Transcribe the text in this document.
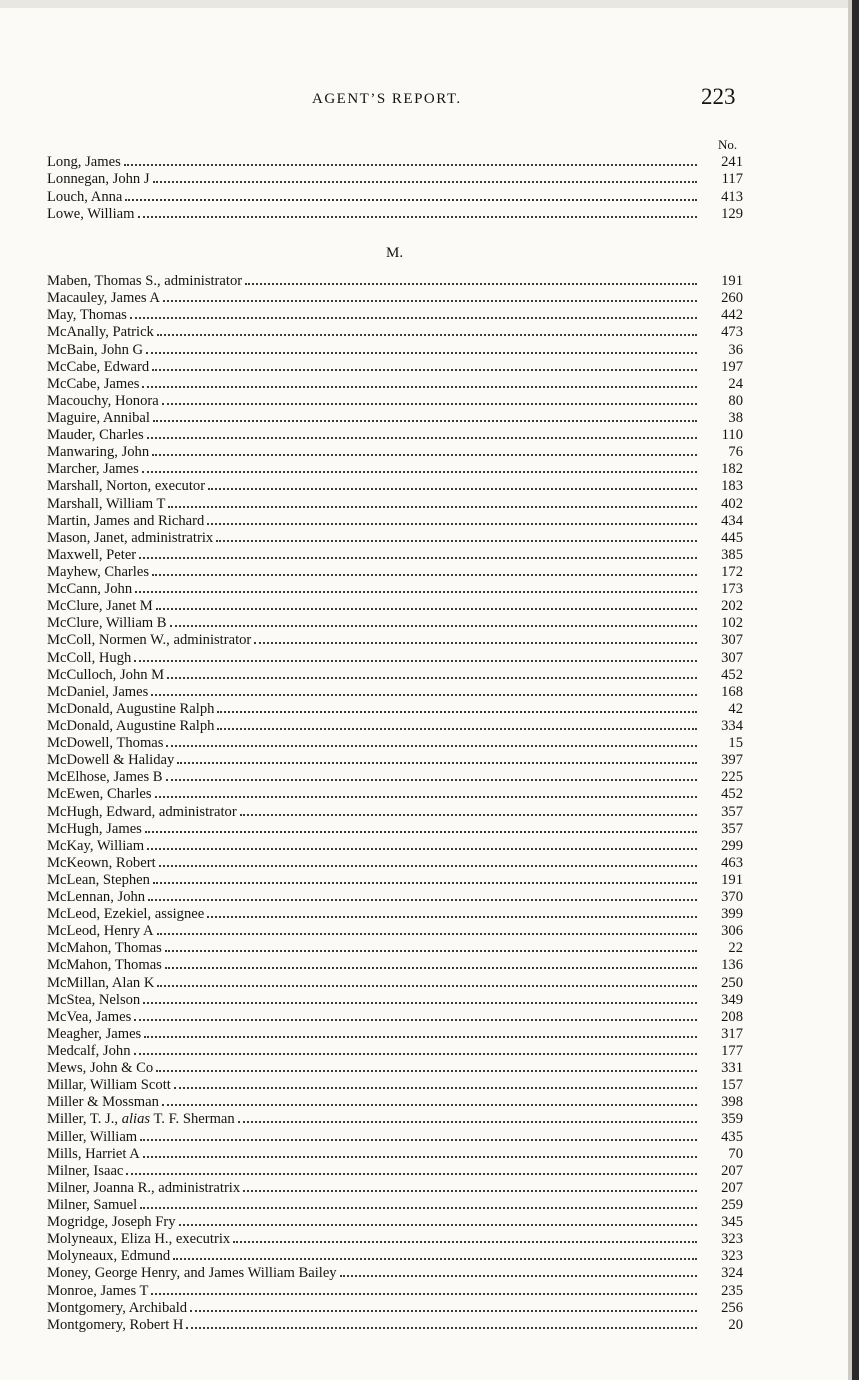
AGENT’S REPORT.	223
No.
Long, James	241
Lonnegan, John J	117
Louch, Anna	413
Lowe, William	129
M.
Maben, Thomas S., administrator	191
Macauley, James A	260
May, Thomas	442
McAnally, Patrick	473
McBain, John G	36
McCabe, Edward	197
McCabe, James	24
Macouchy, Honora	80
Maguire, Annibal	38
Mauder, Charles	110
Manwaring, John	76
Marcher, James	182
Marshall, Norton, executor	183
Marshall, William T	402
Martin, James and Richard	434
Mason, Janet, administratrix	445
Maxwell, Peter	385
Mayhew, Charles	172
McCann, John	173
McClure, Janet M	202
McClure, William B	102
McColl, Normen W., administrator	307
McColl, Hugh	307
McCulloch, John M	452
McDaniel, James	168
McDonald, Augustine Ralph	42
McDonald, Augustine Ralph	334
McDowell, Thomas	15
McDowell & Haliday	397
McElhose, James B	225
McEwen, Charles	452
McHugh, Edward, administrator	357
McHugh, James	357
McKay, William	299
McKeown, Robert	463
McLean, Stephen	191
McLennan, John	370
McLeod, Ezekiel, assignee	399
McLeod, Henry A	306
McMahon, Thomas	22
McMahon, Thomas	136
McMillan, Alan K	250
McStea, Nelson	349
McVea, James	208
Meagher, James	317
Medcalf, John	177
Mews, John & Co	331
Millar, William Scott	157
Miller & Mossman	398
Miller, T. J., alias T. F. Sherman	359
Miller, William	435
Mills, Harriet A	70
Milner, Isaac	207
Milner, Joanna R., administratrix	207
Milner, Samuel	259
Mogridge, Joseph Fry	345
Molyneaux, Eliza H., executrix	323
Molyneaux, Edmund	323
Money, George Henry, and James William Bailey	324
Monroe, James T	235
Montgomery, Archibald	256
Montgomery, Robert H	20
